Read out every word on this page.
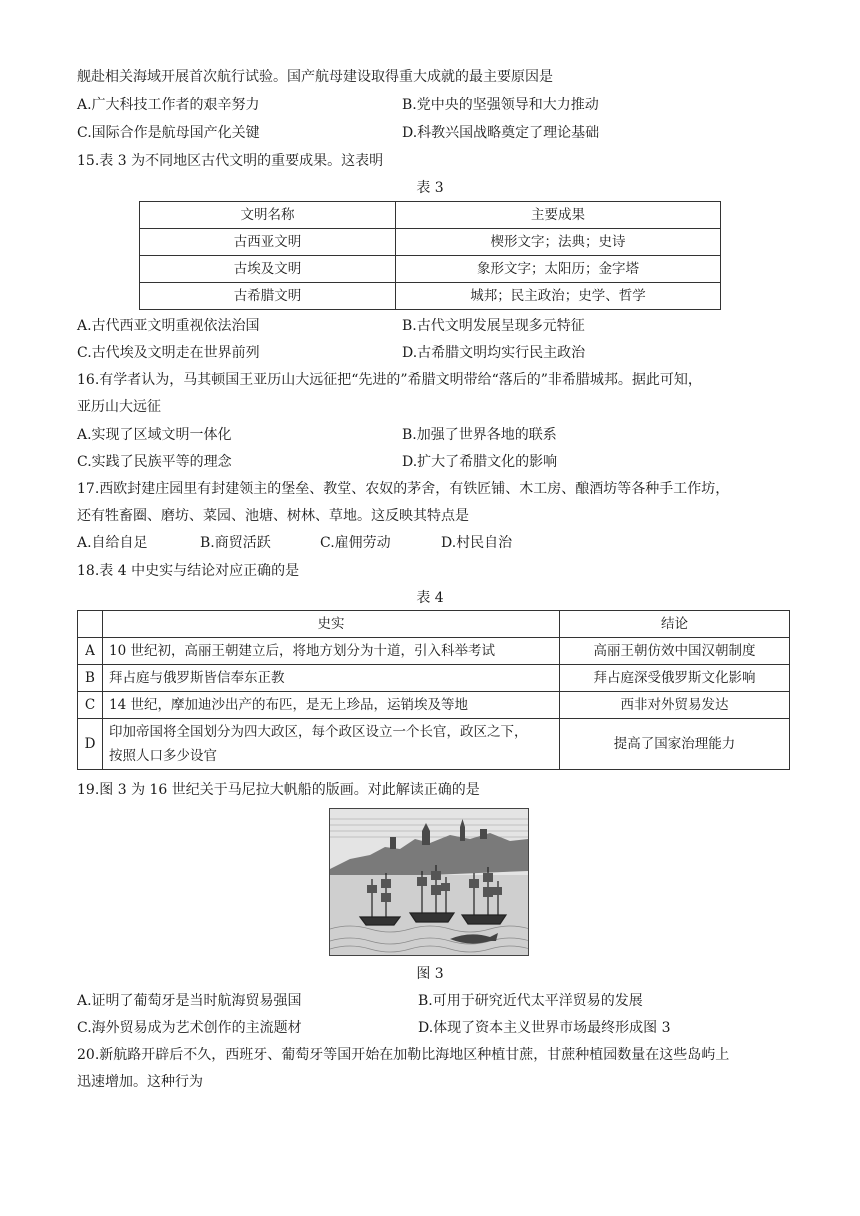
舰赴相关海域开展首次航行试验。国产航母建设取得重大成就的最主要原因是
A.广大科技工作者的艰辛努力	B.党中央的坚强领导和大力推动
C.国际合作是航母国产化关键	D.科教兴国战略奠定了理论基础
15.表 3 为不同地区古代文明的重要成果。这表明
表 3
文明名称	主要成果
古西亚文明	楔形文字；法典；史诗
古埃及文明	象形文字；太阳历；金字塔
古希腊文明	城邦；民主政治；史学、哲学
A.古代西亚文明重视依法治国	B.古代文明发展呈现多元特征
C.古代埃及文明走在世界前列	D.古希腊文明均实行民主政治
16.有学者认为，马其顿国王亚历山大远征把“先进的”希腊文明带给“落后的”非希腊城邦。据此可知，
亚历山大远征
A.实现了区域文明一体化	B.加强了世界各地的联系
C.实践了民族平等的理念	D.扩大了希腊文化的影响
17.西欧封建庄园里有封建领主的堡垒、教堂、农奴的茅舍，有铁匠铺、木工房、酿酒坊等各种手工作坊，
还有牲畜圈、磨坊、菜园、池塘、树林、草地。这反映其特点是
A.自给自足	B.商贸活跃	C.雇佣劳动	D.村民自治
18.表 4 中史实与结论对应正确的是
表 4
	史实	结论
A	10 世纪初，高丽王朝建立后，将地方划分为十道，引入科举考试	高丽王朝仿效中国汉朝制度
B	拜占庭与俄罗斯皆信奉东正教	拜占庭深受俄罗斯文化影响
C	14 世纪，摩加迪沙出产的布匹，是无上珍品，运销埃及等地	西非对外贸易发达
D	印加帝国将全国划分为四大政区，每个政区设立一个长官，政区之下，
按照人口多少设官	提高了国家治理能力
19.图 3 为 16 世纪关于马尼拉大帆船的版画。对此解读正确的是
图 3
A.证明了葡萄牙是当时航海贸易强国	B.可用于研究近代太平洋贸易的发展
C.海外贸易成为艺术创作的主流题材	D.体现了资本主义世界市场最终形成图 3
20.新航路开辟后不久，西班牙、葡萄牙等国开始在加勒比海地区种植甘蔗，甘蔗种植园数量在这些岛屿上
迅速增加。这种行为
